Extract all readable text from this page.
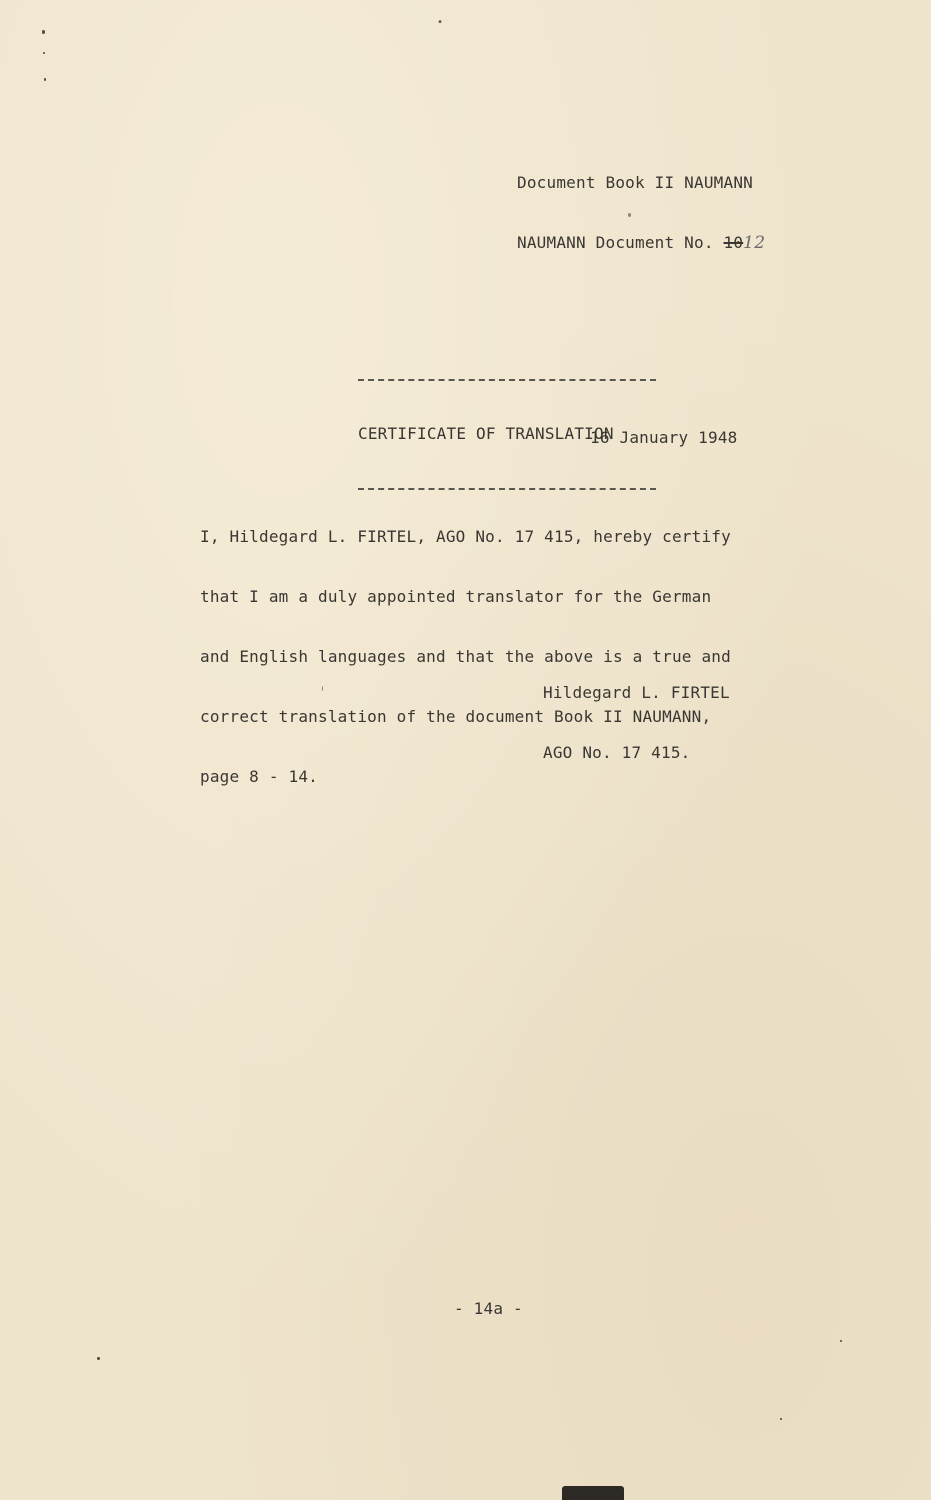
•

Document Book II NAUMANN

NAUMANN Document No. 1012

CERTIFICATE OF TRANSLATION

16 January 1948

I, Hildegard L. FIRTEL, AGO No. 17 415, hereby certify

that I am a duly appointed translator for the German

and English languages and that the above is a true and

correct translation of the document Book II NAUMANN,

page 8 - 14.

Hildegard L. FIRTEL

AGO No. 17 415.

- 14a -
